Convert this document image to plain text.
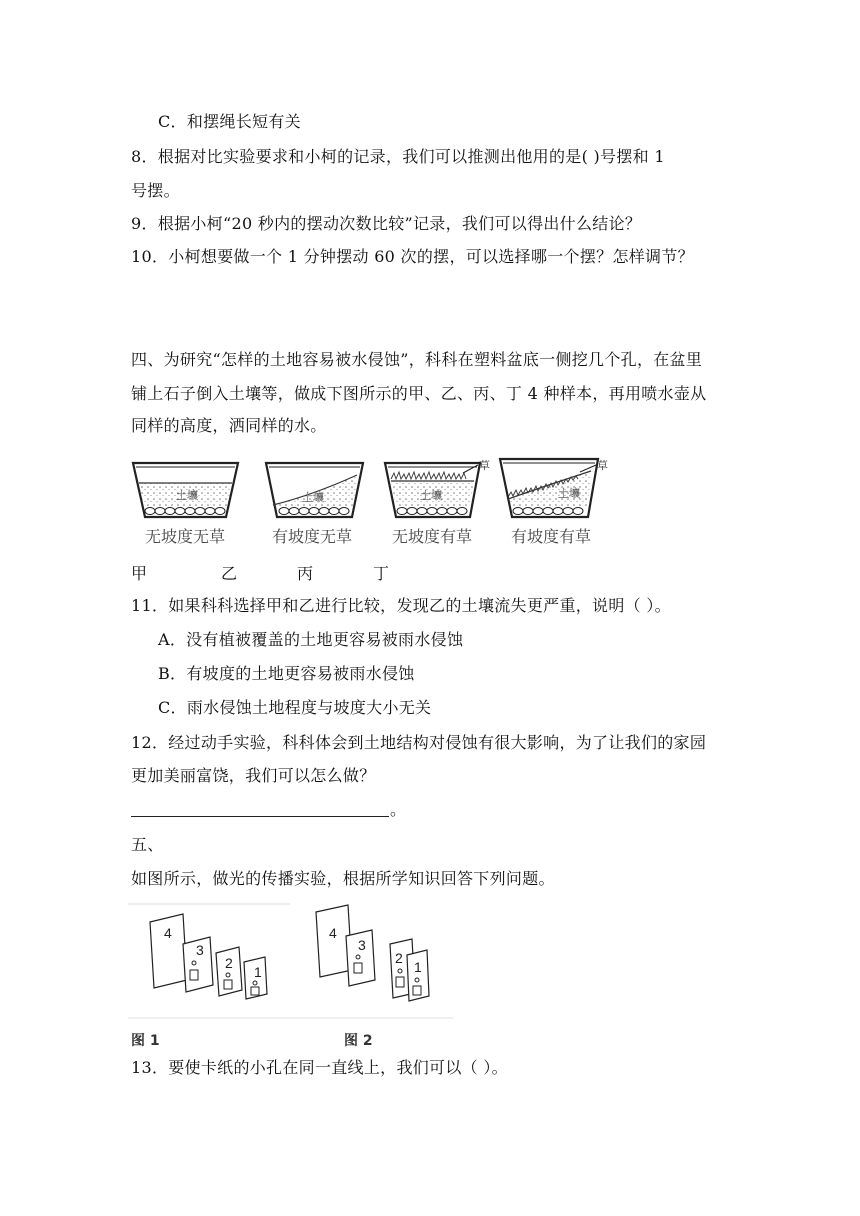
C．和摆绳长短有关
8．根据对比实验要求和小柯的记录，我们可以推测出他用的是( )号摆和 1
号摆。
9．根据小柯“20 秒内的摆动次数比较”记录，我们可以得出什么结论？
10．小柯想要做一个 1 分钟摆动 60 次的摆，可以选择哪一个摆？怎样调节？
四、为研究“怎样的土地容易被水侵蚀”，科科在塑料盆底一侧挖几个孔，在盆里
铺上石子倒入土壤等，做成下图所示的甲、乙、丙、丁 4 种样本，再用喷水壶从
同样的高度，洒同样的水。
土壤
无坡度无草
土壤
有坡度无草
草
土壤
无坡度有草
草
土壤
有坡度有草
甲	乙	丙	丁
11．如果科科选择甲和乙进行比较，发现乙的土壤流失更严重，说明（ ）。
A．没有植被覆盖的土地更容易被雨水侵蚀
B．有坡度的土地更容易被雨水侵蚀
C．雨水侵蚀土地程度与坡度大小无关
12．经过动手实验，科科体会到土地结构对侵蚀有很大影响，为了让我们的家园
更加美丽富饶，我们可以怎么做？
。
五、
如图所示，做光的传播实验，根据所学知识回答下列问题。
4
3
2
1
4
3
2
1
图 1	图 2
13．要使卡纸的小孔在同一直线上，我们可以（ ）。
